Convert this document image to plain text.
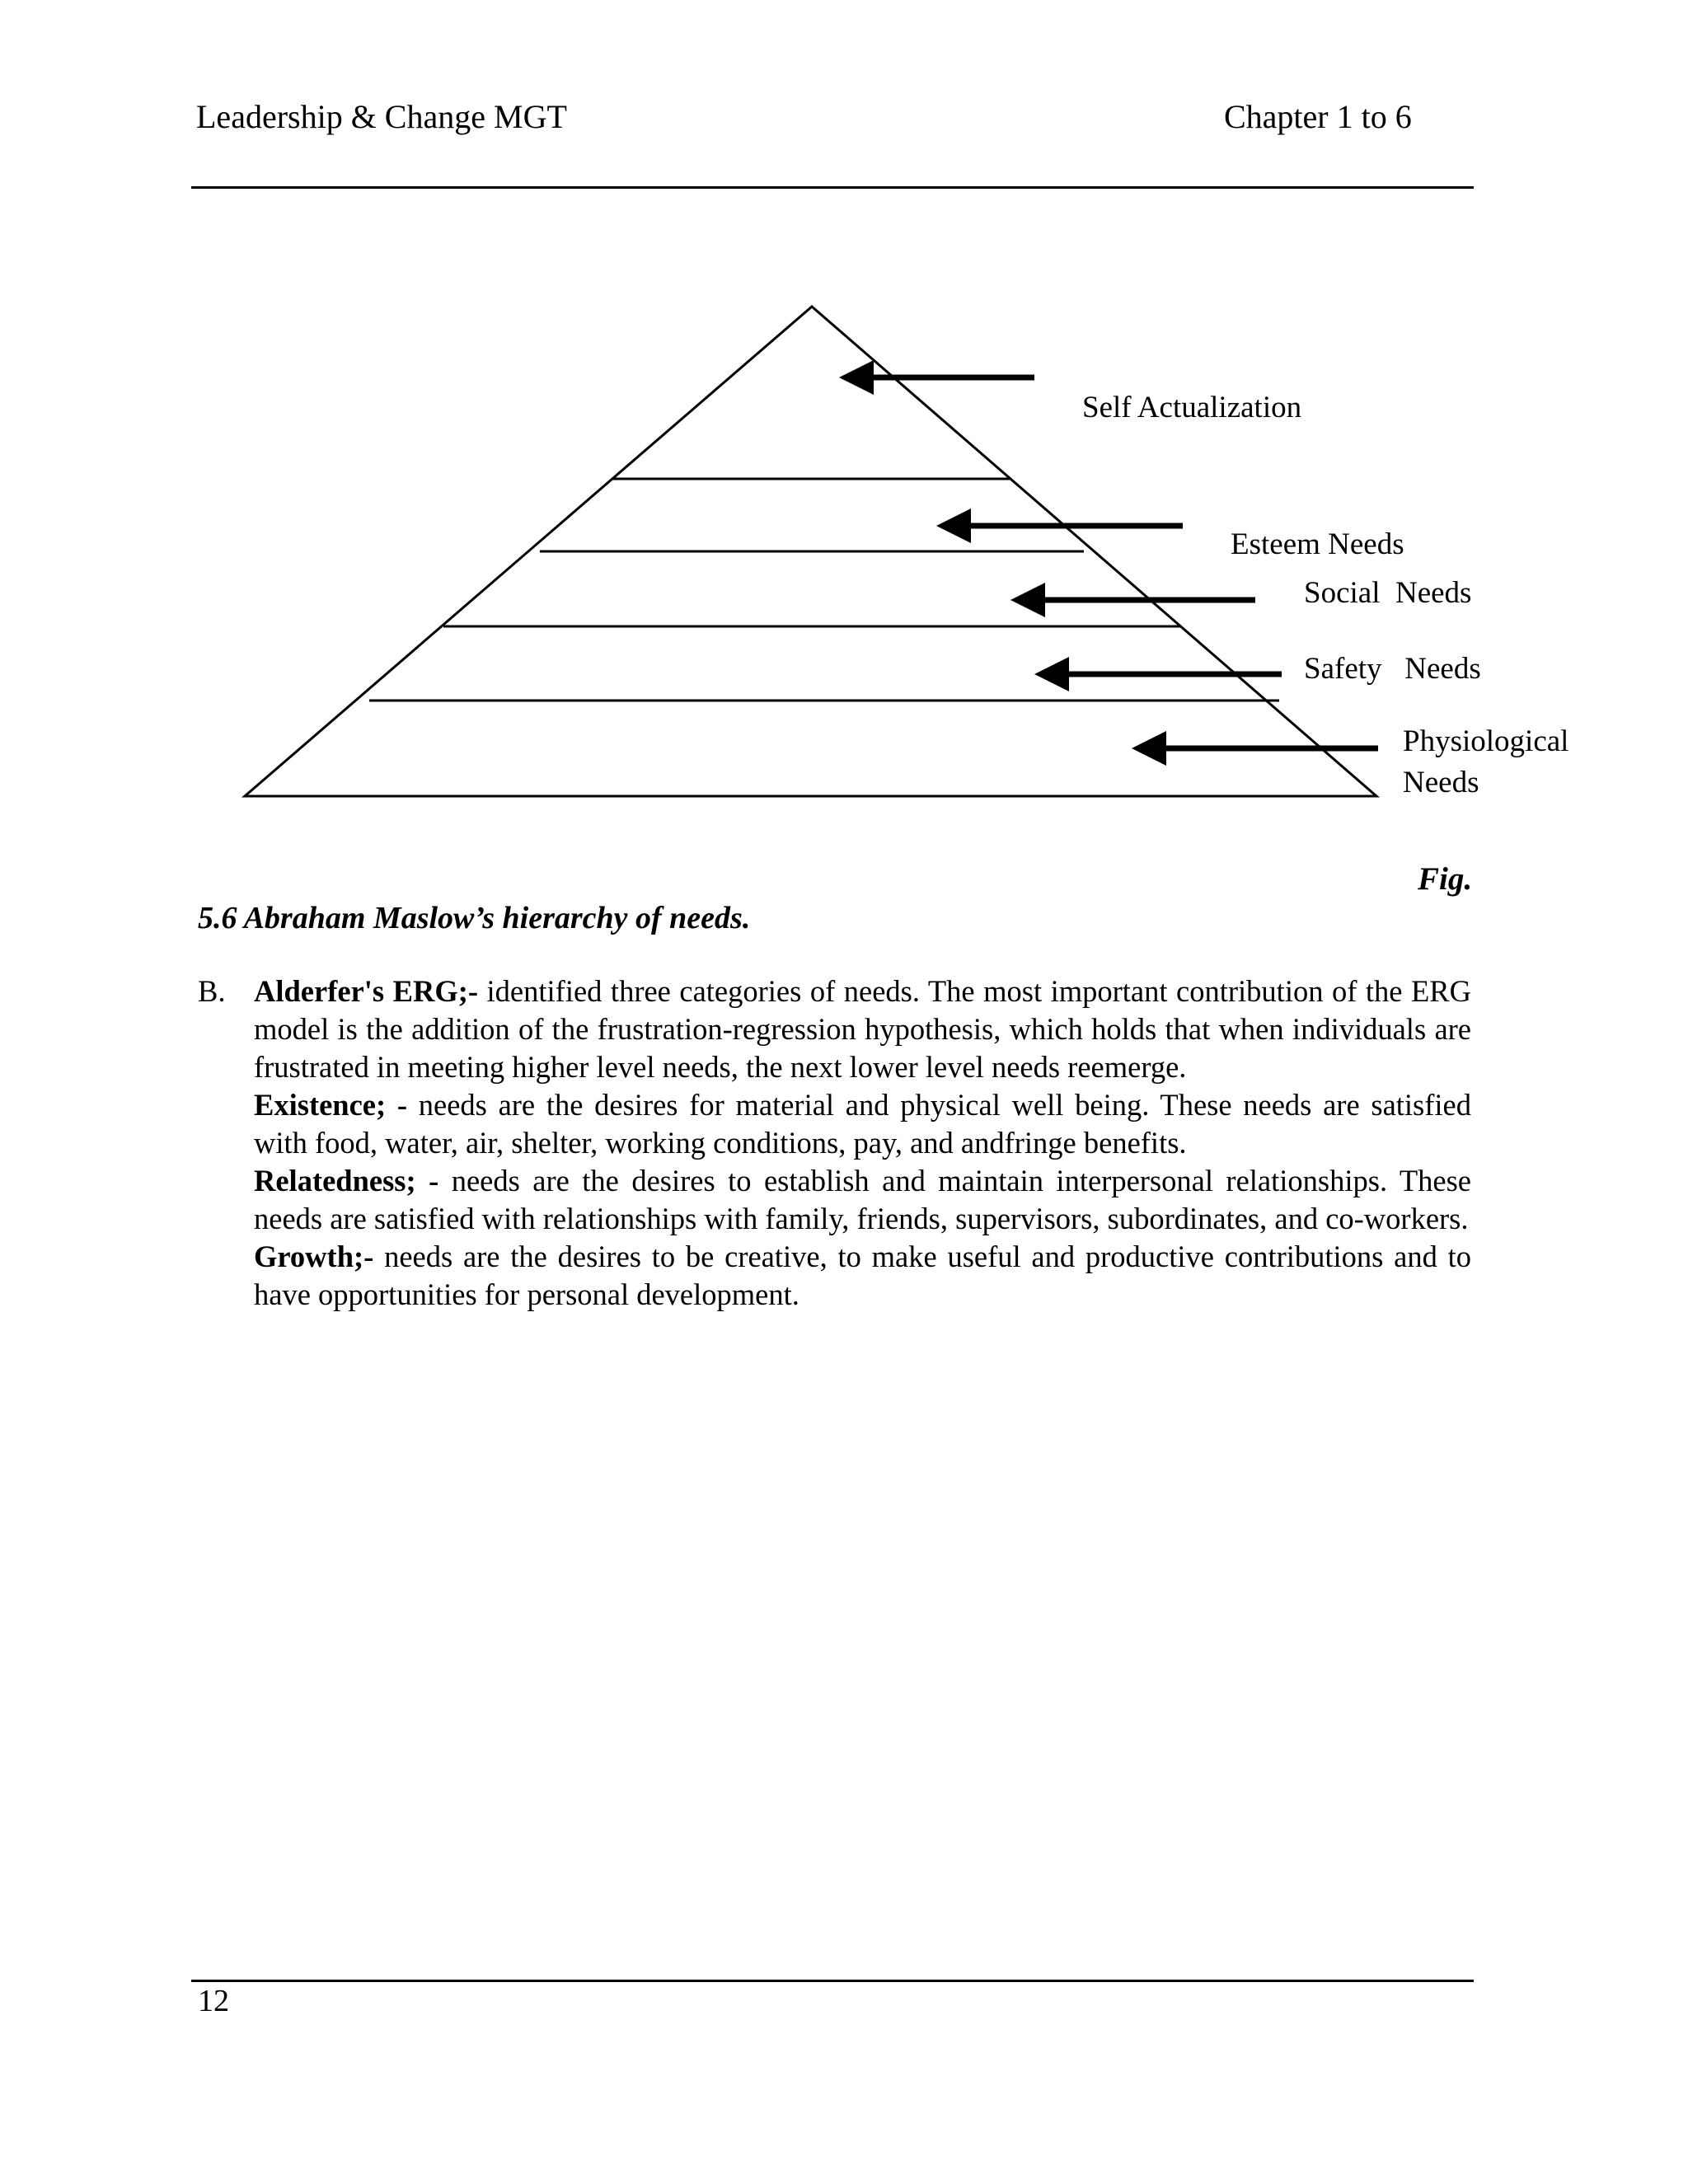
Leadership & Change MGT	Chapter 1 to 6
Self Actualization
Esteem Needs
Social  Needs
Safety   Needs
Physiological
Needs
Fig.
5.6 Abraham Maslow’s hierarchy of needs.
B. Alderfer's ERG;- identified three categories of needs. The most important contribution of the ERG model is the addition of the frustration-regression hypothesis, which holds that when individuals are frustrated in meeting higher level needs, the next lower level needs reemerge.

Existence; - needs are the desires for material and physical well being. These needs are satisfied with food, water, air, shelter, working conditions, pay, and andfringe benefits.

Relatedness; - needs are the desires to establish and maintain interpersonal relationships. These needs are satisfied with relationships with family, friends, supervisors, subordinates, and co-workers.

Growth;- needs are the desires to be creative, to make useful and productive contributions and to have opportunities for personal development.

12
